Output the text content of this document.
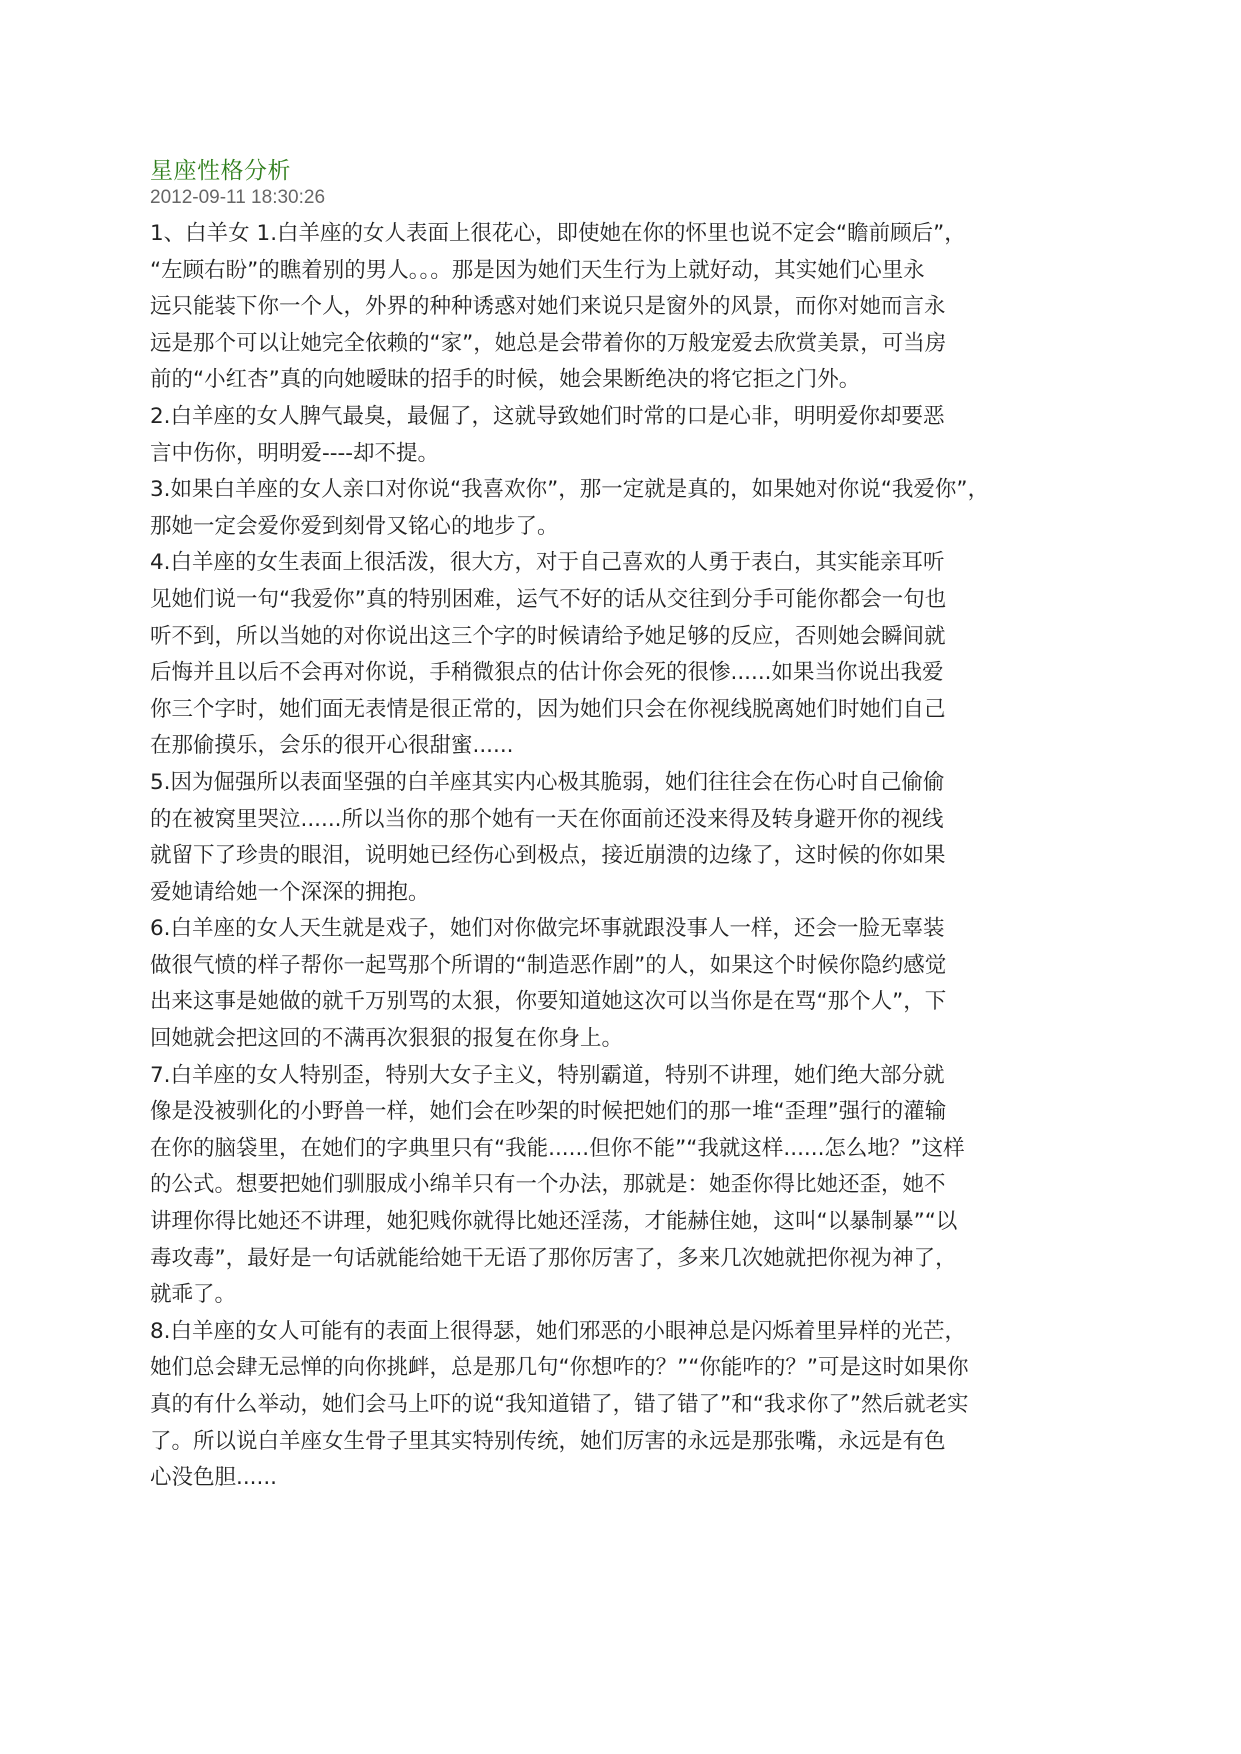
星座性格分析
2012-09-11 18:30:26

1、白羊女 1.白羊座的女人表面上很花心，即使她在你的怀里也说不定会“瞻前顾后”，

“左顾右盼”的瞧着别的男人。。。那是因为她们天生行为上就好动，其实她们心里永

远只能装下你一个人，外界的种种诱惑对她们来说只是窗外的风景，而你对她而言永

远是那个可以让她完全依赖的“家”，她总是会带着你的万般宠爱去欣赏美景，可当房

前的“小红杏”真的向她暧昧的招手的时候，她会果断绝决的将它拒之门外。

2.白羊座的女人脾气最臭，最倔了，这就导致她们时常的口是心非，明明爱你却要恶

言中伤你，明明爱----却不提。

3.如果白羊座的女人亲口对你说“我喜欢你”，那一定就是真的，如果她对你说“我爱你”，

那她一定会爱你爱到刻骨又铭心的地步了。

4.白羊座的女生表面上很活泼，很大方，对于自己喜欢的人勇于表白，其实能亲耳听

见她们说一句“我爱你”真的特别困难，运气不好的话从交往到分手可能你都会一句也

听不到，所以当她的对你说出这三个字的时候请给予她足够的反应，否则她会瞬间就

后悔并且以后不会再对你说，手稍微狠点的估计你会死的很惨......如果当你说出我爱

你三个字时，她们面无表情是很正常的，因为她们只会在你视线脱离她们时她们自己

在那偷摸乐，会乐的很开心很甜蜜......

5.因为倔强所以表面坚强的白羊座其实内心极其脆弱，她们往往会在伤心时自己偷偷

的在被窝里哭泣......所以当你的那个她有一天在你面前还没来得及转身避开你的视线

就留下了珍贵的眼泪，说明她已经伤心到极点，接近崩溃的边缘了，这时候的你如果

爱她请给她一个深深的拥抱。

6.白羊座的女人天生就是戏子，她们对你做完坏事就跟没事人一样，还会一脸无辜装

做很气愤的样子帮你一起骂那个所谓的“制造恶作剧”的人，如果这个时候你隐约感觉

出来这事是她做的就千万别骂的太狠，你要知道她这次可以当你是在骂“那个人”，下

回她就会把这回的不满再次狠狠的报复在你身上。

7.白羊座的女人特别歪，特别大女子主义，特别霸道，特别不讲理，她们绝大部分就

像是没被驯化的小野兽一样，她们会在吵架的时候把她们的那一堆“歪理”强行的灌输

在你的脑袋里，在她们的字典里只有“我能......但你不能”“我就这样......怎么地？”这样

的公式。想要把她们驯服成小绵羊只有一个办法，那就是：她歪你得比她还歪，她不

讲理你得比她还不讲理，她犯贱你就得比她还淫荡，才能赫住她，这叫“以暴制暴”“以

毒攻毒”，最好是一句话就能给她干无语了那你厉害了，多来几次她就把你视为神了，

就乖了。

8.白羊座的女人可能有的表面上很得瑟，她们邪恶的小眼神总是闪烁着里异样的光芒，

她们总会肆无忌惮的向你挑衅，总是那几句“你想咋的？”“你能咋的？”可是这时如果你

真的有什么举动，她们会马上吓的说“我知道错了，错了错了”和“我求你了”然后就老实

了。所以说白羊座女生骨子里其实特别传统，她们厉害的永远是那张嘴，永远是有色

心没色胆......
